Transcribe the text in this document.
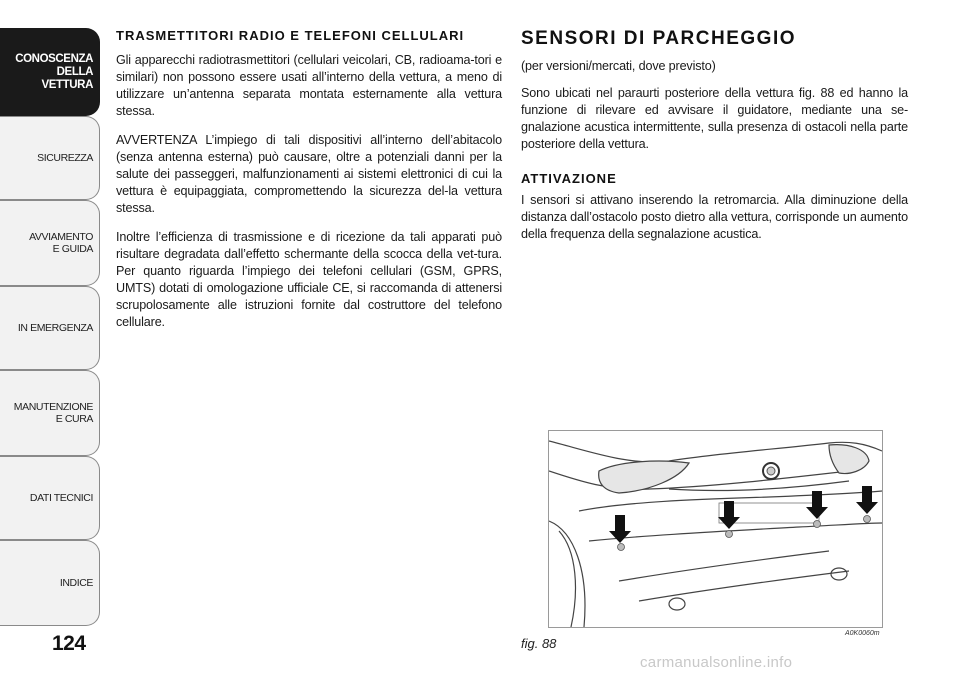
CONOSCENZA
DELLA
VETTURA
SICUREZZA
AVVIAMENTO
E GUIDA
IN EMERGENZA
MANUTENZIONE
E CURA
DATI TECNICI
INDICE
124
TRASMETTITORI RADIO E TELEFONI CELLULARI

Gli apparecchi radiotrasmettitori (cellulari veicolari, CB, radioama-tori e similari) non possono essere usati all’interno della vettura, a meno di utilizzare un’antenna separata montata esternamente alla vettura stessa.

AVVERTENZA L’impiego di tali dispositivi all’interno dell’abitacolo (senza antenna esterna) può causare, oltre a potenziali danni per la salute dei passeggeri, malfunzionamenti ai sistemi elettronici di cui la vettura è equipaggiata, compromettendo la sicurezza del-la vettura stessa.

Inoltre l’efficienza di trasmissione e di ricezione da tali apparati può risultare degradata dall’effetto schermante della scocca della vet-tura. Per quanto riguarda l’impiego dei telefoni cellulari (GSM, GPRS, UMTS) dotati di omologazione ufficiale CE, si raccomanda di attenersi scrupolosamente alle istruzioni fornite dal costruttore del telefono cellulare.

SENSORI DI PARCHEGGIO

(per versioni/mercati, dove previsto)

Sono ubicati nel paraurti posteriore della vettura fig. 88 ed hanno la funzione di rilevare ed avvisare il guidatore, mediante una se-gnalazione acustica intermittente, sulla presenza di ostacoli nella parte posteriore della vettura.

ATTIVAZIONE

I sensori si attivano inserendo la retromarcia. Alla diminuzione della distanza dall’ostacolo posto dietro alla vettura, corrisponde un aumento della frequenza della segnalazione acustica.

fig. 88
A0K0060m
carmanualsonline.info
